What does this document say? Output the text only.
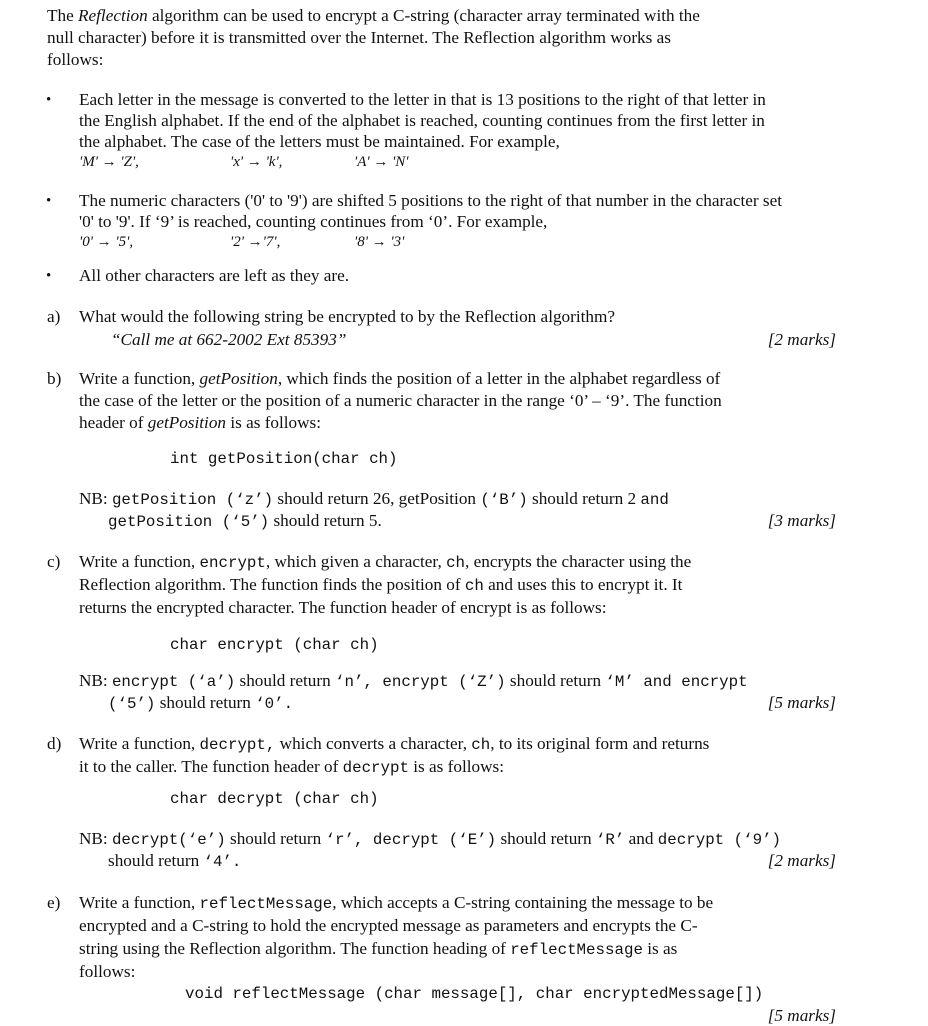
The Reflection algorithm can be used to encrypt a C-string (character array terminated with the
null character) before it is transmitted over the Internet. The Reflection algorithm works as
follows:
• Each letter in the message is converted to the letter in that is 13 positions to the right of that letter in
the English alphabet. If the end of the alphabet is reached, counting continues from the first letter in
the alphabet. The case of the letters must be maintained. For example,
'M' → 'Z',	'x' → 'k',	'A' → 'N'
• The numeric characters ('0' to '9') are shifted 5 positions to the right of that number in the character set
'0' to '9'. If ‘9’ is reached, counting continues from ‘0’. For example,
'0' → '5',	'2' →'7',	'8' → '3'
• All other characters are left as they are.
a) What would the following string be encrypted to by the Reflection algorithm?
“Call me at 662-2002 Ext 85393”	[2 marks]
b) Write a function, getPosition, which finds the position of a letter in the alphabet regardless of
the case of the letter or the position of a numeric character in the range ‘0’ – ‘9’. The function
header of getPosition is as follows:
int getPosition(char ch)
NB: getPosition (‘z’) should return 26, getPosition (‘B’) should return 2 and
getPosition (‘5’) should return 5.	[3 marks]
c) Write a function, encrypt, which given a character, ch, encrypts the character using the
Reflection algorithm. The function finds the position of ch and uses this to encrypt it. It
returns the encrypted character. The function header of encrypt is as follows:
char encrypt (char ch)
NB: encrypt (‘a’) should return ‘n’, encrypt (‘Z’) should return ‘M’ and encrypt
(‘5’) should return ‘0’.	[5 marks]
d) Write a function, decrypt, which converts a character, ch, to its original form and returns
it to the caller. The function header of decrypt is as follows:
char decrypt (char ch)
NB: decrypt(‘e’) should return ‘r’, decrypt (‘E’) should return ‘R’ and decrypt (‘9’)
should return ‘4’.	[2 marks]
e) Write a function, reflectMessage, which accepts a C-string containing the message to be
encrypted and a C-string to hold the encrypted message as parameters and encrypts the C-
string using the Reflection algorithm. The function heading of reflectMessage is as
follows:
void reflectMessage (char message[], char encryptedMessage[])
[5 marks]
